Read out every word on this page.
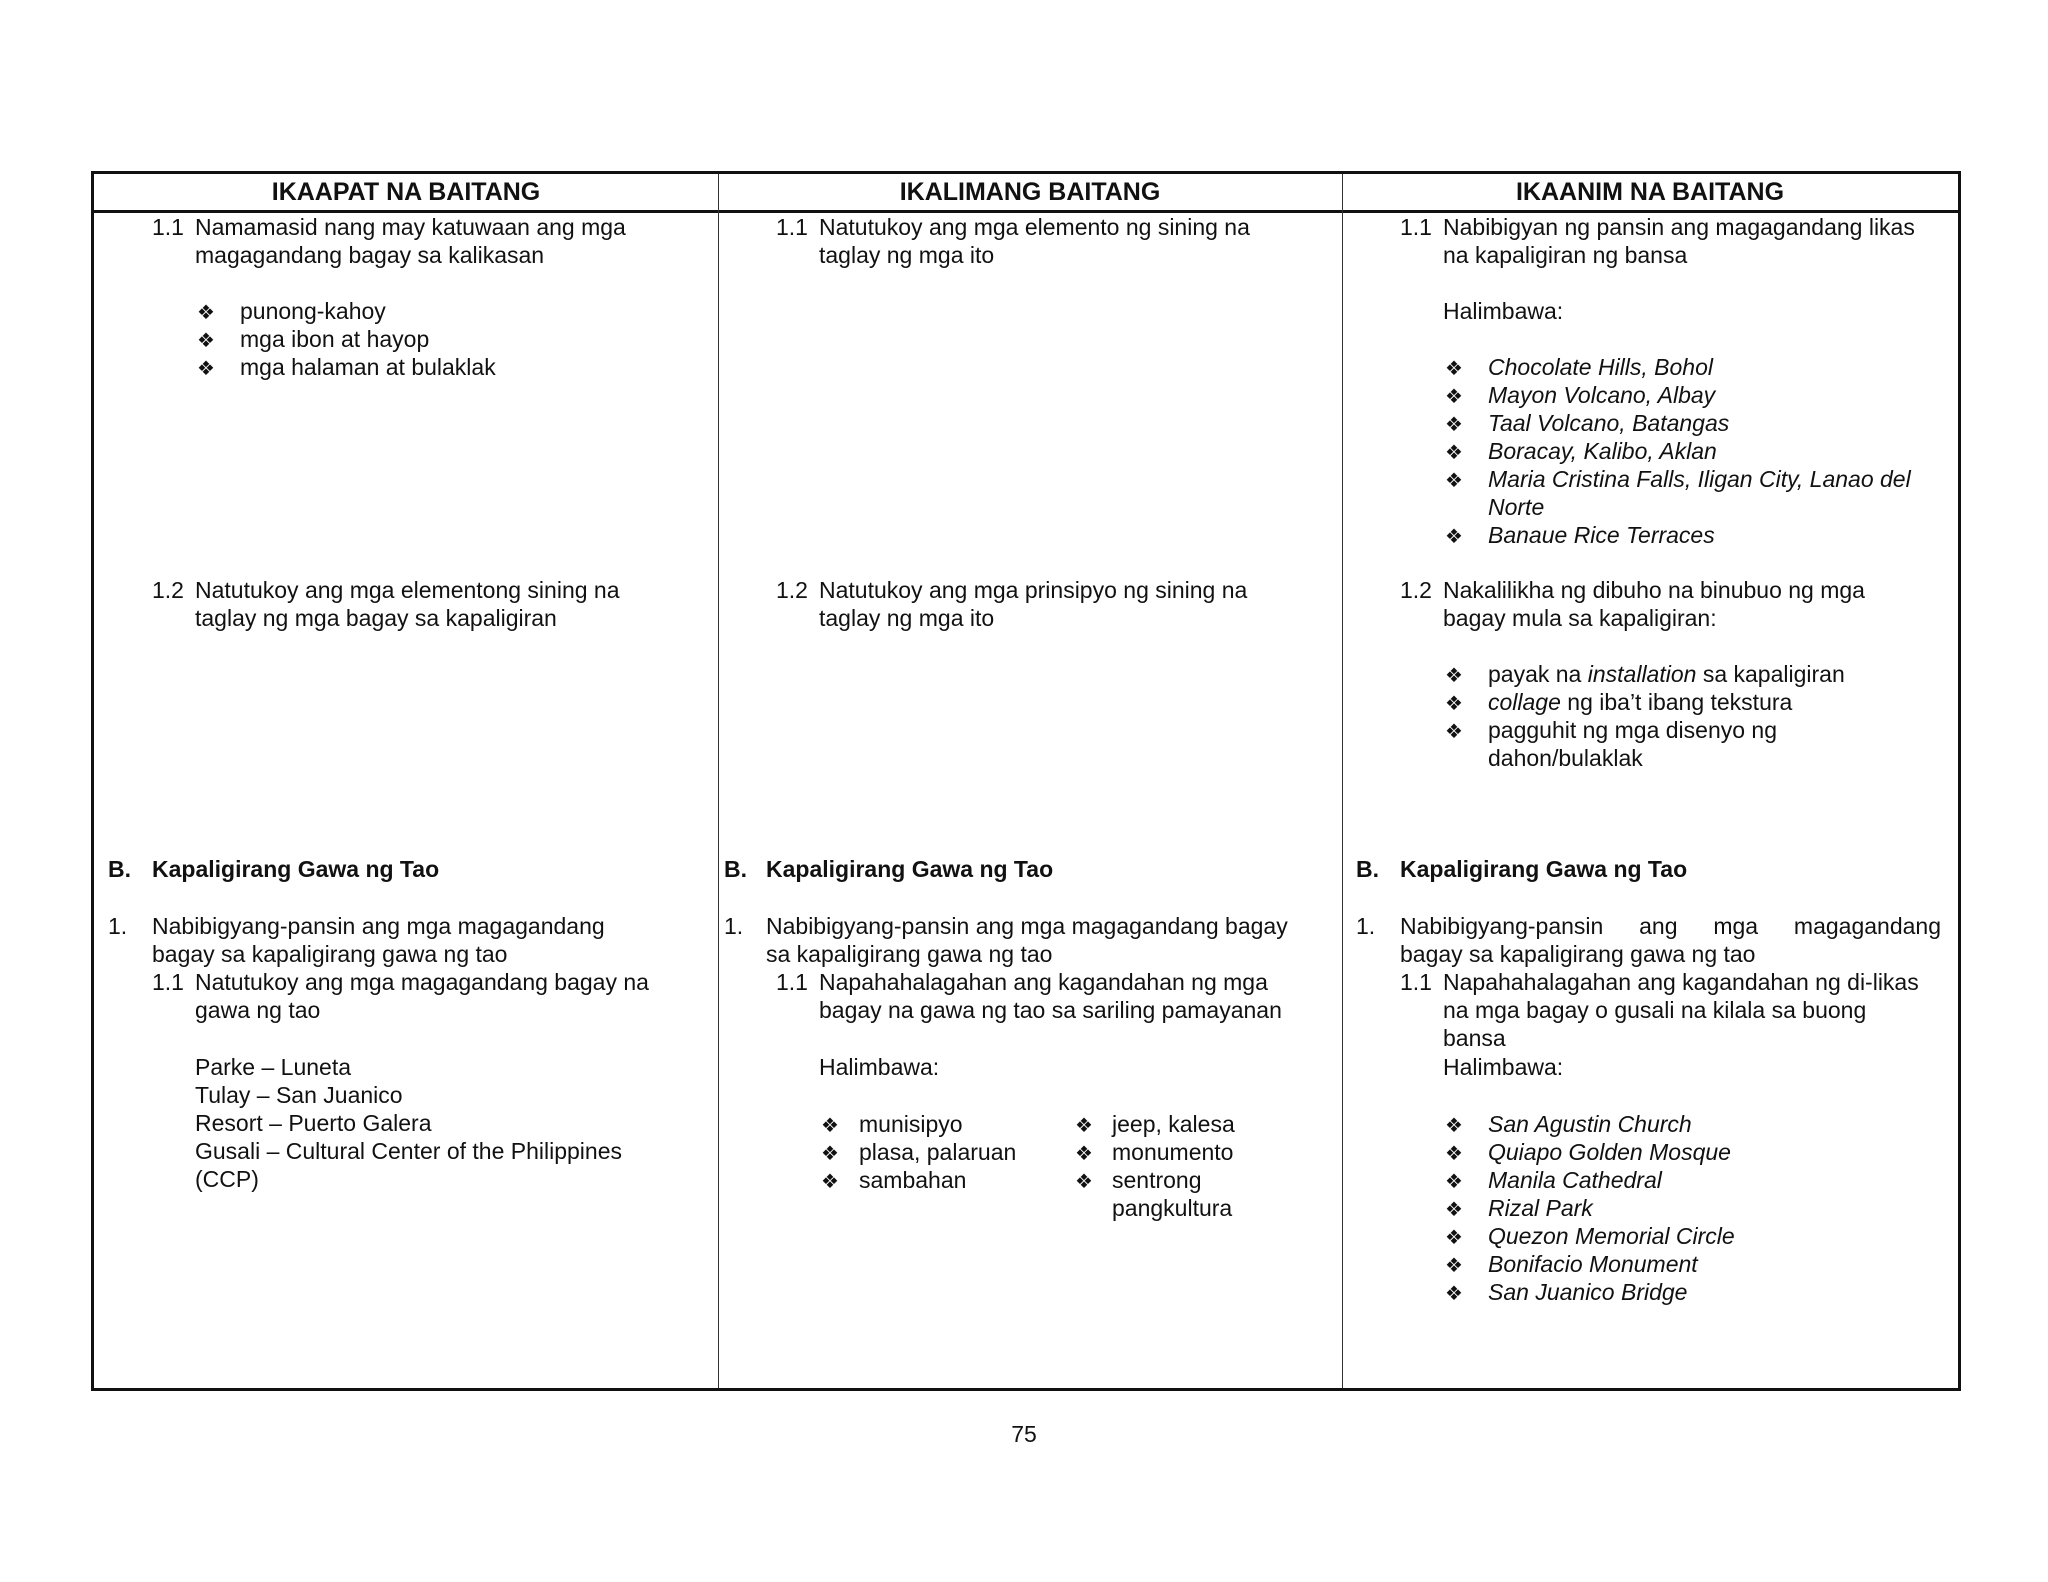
IKAAPAT NA BAITANG	IKALIMANG BAITANG	IKAANIM NA BAITANG
1.1 Namamasid nang may katuwaan ang mga
magagandang bagay sa kalikasan
❖ punong-kahoy
❖ mga ibon at hayop
❖ mga halaman at bulaklak
1.2 Natutukoy ang mga elementong sining na
taglay ng mga bagay sa kapaligiran
B. Kapaligirang Gawa ng Tao
1. Nabibigyang-pansin ang mga magagandang
bagay sa kapaligirang gawa ng tao
1.1 Natutukoy ang mga magagandang bagay na
gawa ng tao
Parke – Luneta
Tulay – San Juanico
Resort – Puerto Galera
Gusali – Cultural Center of the Philippines
(CCP)
1.1 Natutukoy ang mga elemento ng sining na
taglay ng mga ito
1.2 Natutukoy ang mga prinsipyo ng sining na
taglay ng mga ito
B. Kapaligirang Gawa ng Tao
1. Nabibigyang-pansin ang mga magagandang bagay
sa kapaligirang gawa ng tao
1.1 Napahahalagahan ang kagandahan ng mga
bagay na gawa ng tao sa sariling pamayanan
Halimbawa:
❖ munisipyo
❖ plasa, palaruan
❖ sambahan
❖ jeep, kalesa
❖ monumento
❖ sentrong
pangkultura
1.1 Nabibigyan ng pansin ang magagandang likas
na kapaligiran ng bansa
Halimbawa:
❖ Chocolate Hills, Bohol
❖ Mayon Volcano, Albay
❖ Taal Volcano, Batangas
❖ Boracay, Kalibo, Aklan
❖ Maria Cristina Falls, Iligan City, Lanao del
Norte
❖ Banaue Rice Terraces
1.2 Nakalilikha ng dibuho na binubuo ng mga
bagay mula sa kapaligiran:
❖ payak na installation sa kapaligiran
❖ collage ng iba’t ibang tekstura
❖ pagguhit ng mga disenyo ng
dahon/bulaklak
B. Kapaligirang Gawa ng Tao
1. Nabibigyang-pansin ang mga magagandang
bagay sa kapaligirang gawa ng tao
1.1 Napahahalagahan ang kagandahan ng di-likas
na mga bagay o gusali na kilala sa buong
bansa
Halimbawa:
❖ San Agustin Church
❖ Quiapo Golden Mosque
❖ Manila Cathedral
❖ Rizal Park
❖ Quezon Memorial Circle
❖ Bonifacio Monument
❖ San Juanico Bridge
75
